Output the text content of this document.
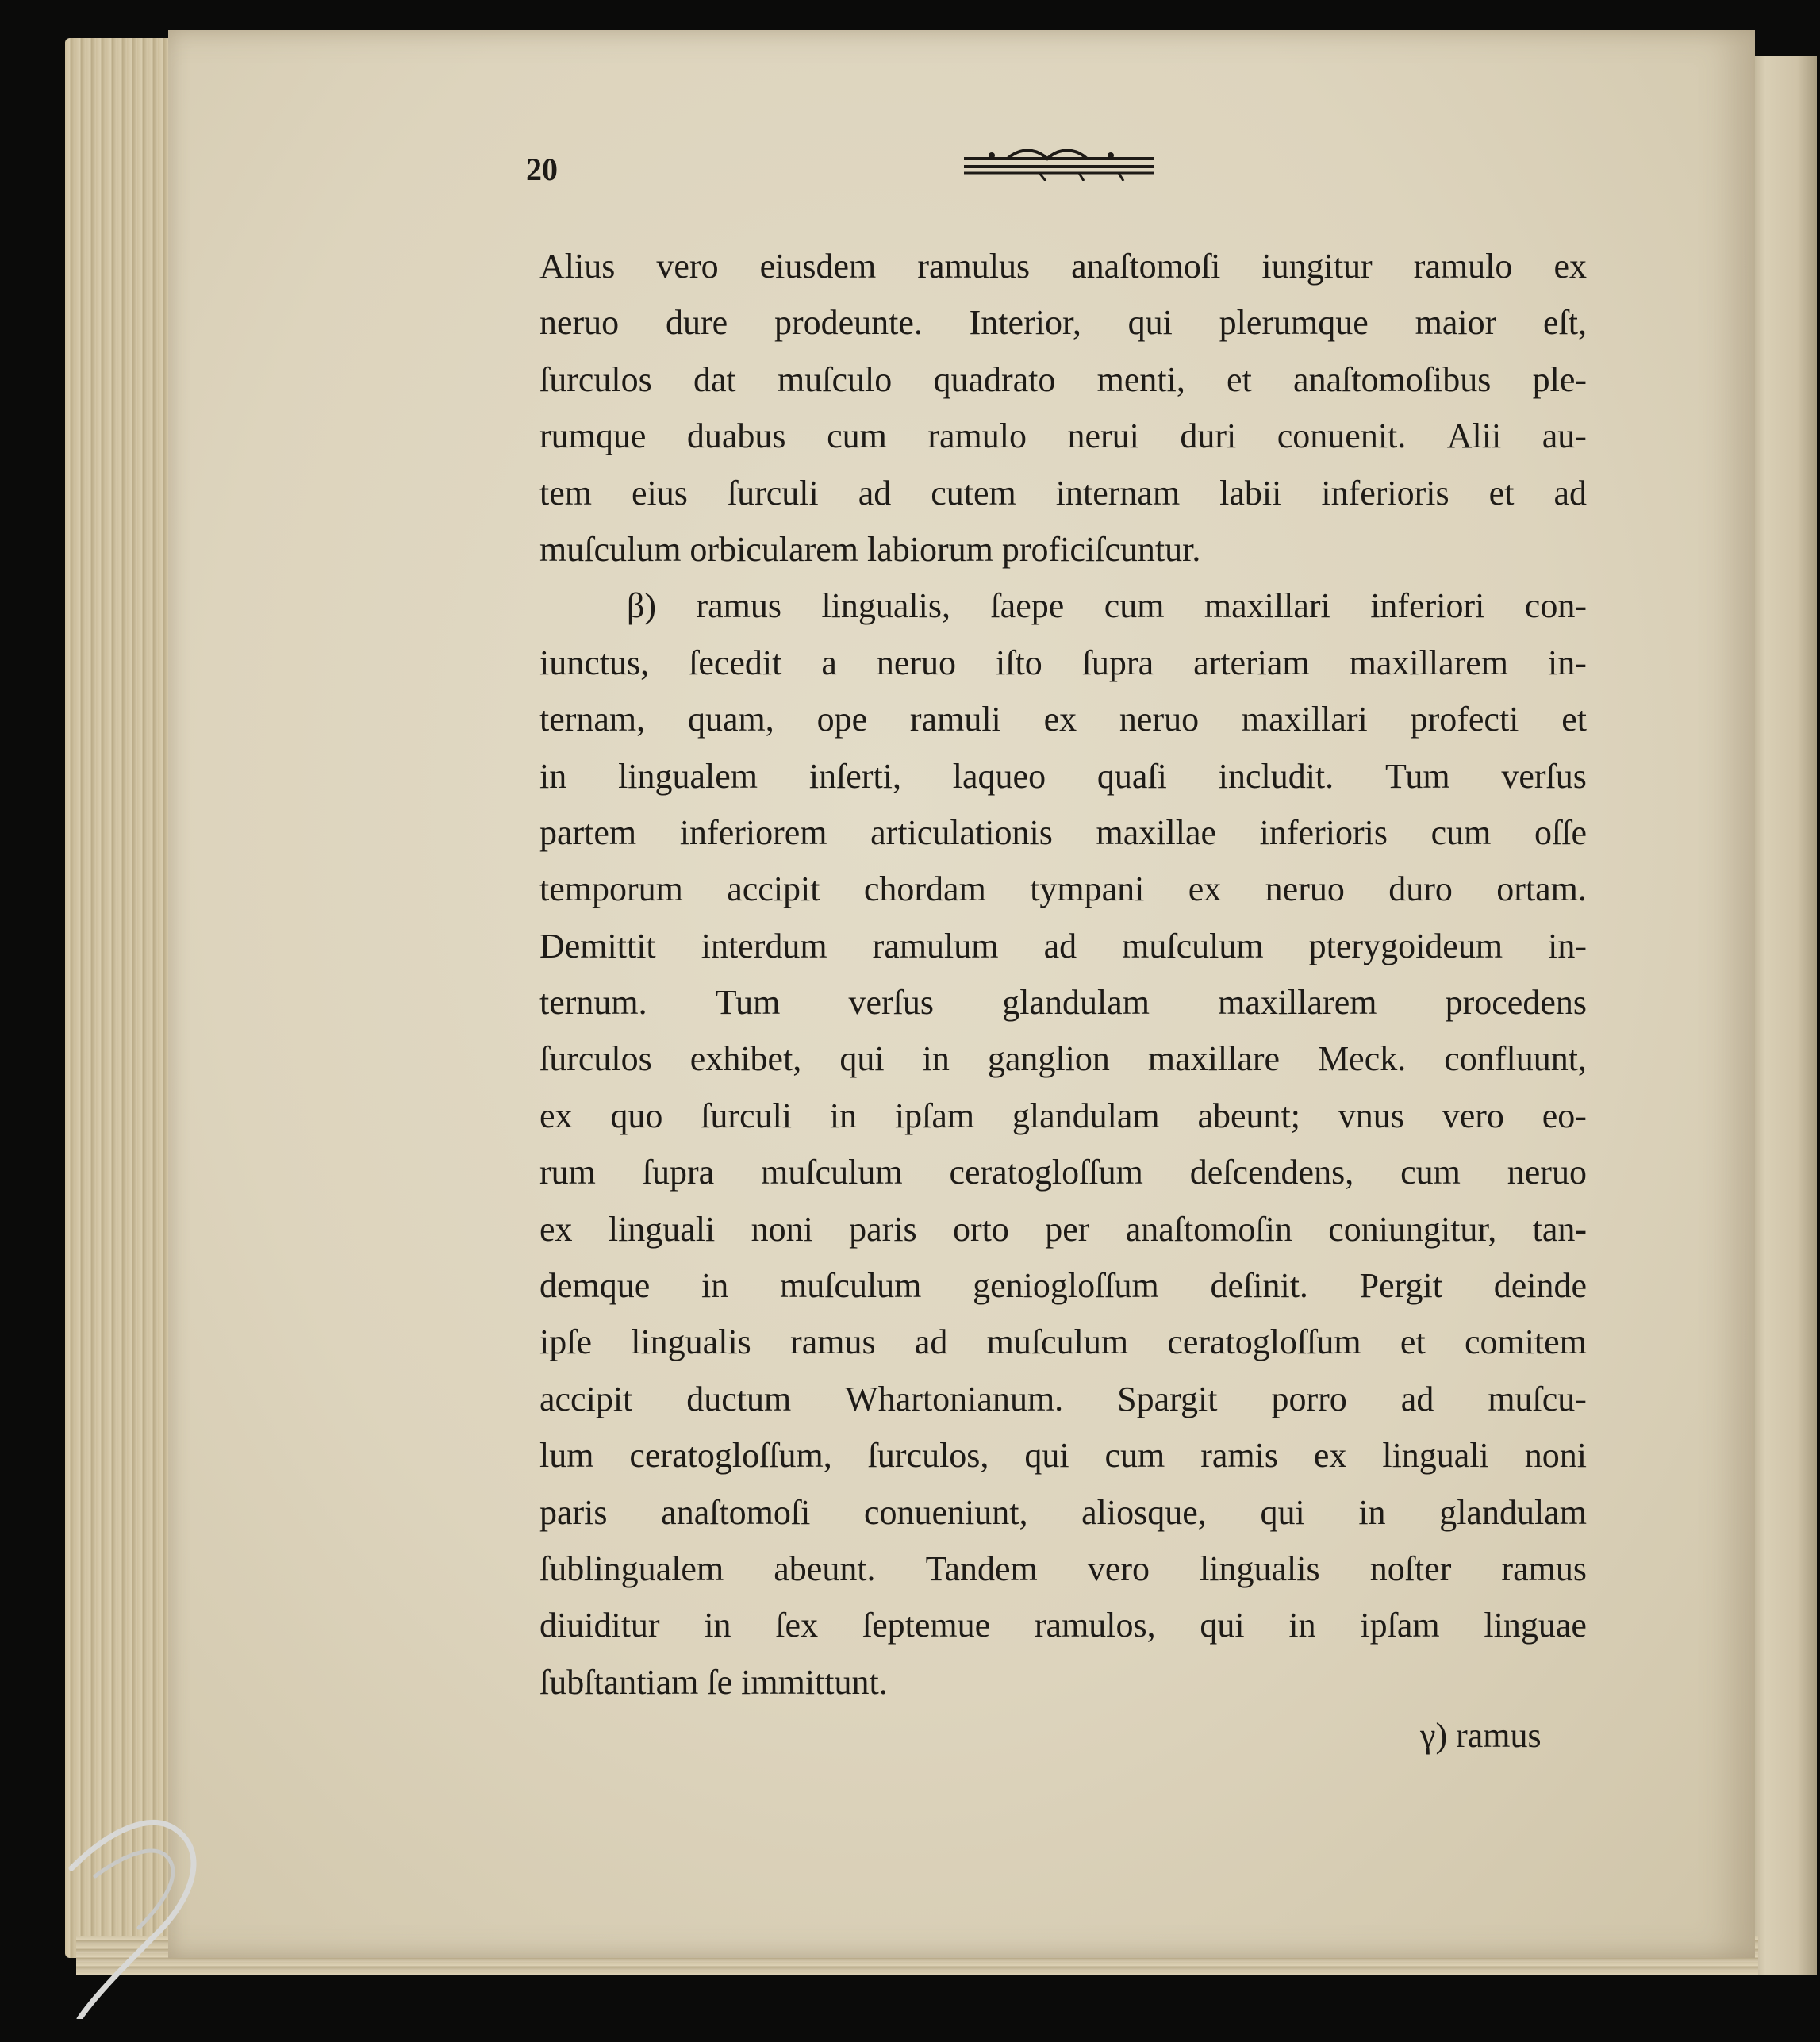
20
Alius vero eiusdem ramulus anaſtomoſi iungitur ramulo ex
neruo dure prodeunte. Interior, qui plerumque maior eſt,
ſurculos dat muſculo quadrato menti, et anaſtomoſibus ple-
rumque duabus cum ramulo nerui duri conuenit. Alii au-
tem eius ſurculi ad cutem internam labii inferioris et ad
muſculum orbicularem labiorum proficiſcuntur.
β) ramus lingualis, ſaepe cum maxillari inferiori con-
iunctus, ſecedit a neruo iſto ſupra arteriam maxillarem in-
ternam, quam, ope ramuli ex neruo maxillari profecti et
in lingualem inſerti, laqueo quaſi includit. Tum verſus
partem inferiorem articulationis maxillae inferioris cum oſſe
temporum accipit chordam tympani ex neruo duro ortam.
Demittit interdum ramulum ad muſculum pterygoideum in-
ternum. Tum verſus glandulam maxillarem procedens
ſurculos exhibet, qui in ganglion maxillare Meck. confluunt,
ex quo ſurculi in ipſam glandulam abeunt; vnus vero eo-
rum ſupra muſculum ceratogloſſum deſcendens, cum neruo
ex linguali noni paris orto per anaſtomoſin coniungitur, tan-
demque in muſculum geniogloſſum deſinit. Pergit deinde
ipſe lingualis ramus ad muſculum ceratogloſſum et comitem
accipit ductum Whartonianum. Spargit porro ad muſcu-
lum ceratogloſſum, ſurculos, qui cum ramis ex linguali noni
paris anaſtomoſi conueniunt, aliosque, qui in glandulam
ſublingualem abeunt. Tandem vero lingualis noſter ramus
diuiditur in ſex ſeptemue ramulos, qui in ipſam linguae
ſubſtantiam ſe immittunt.
γ) ramus
